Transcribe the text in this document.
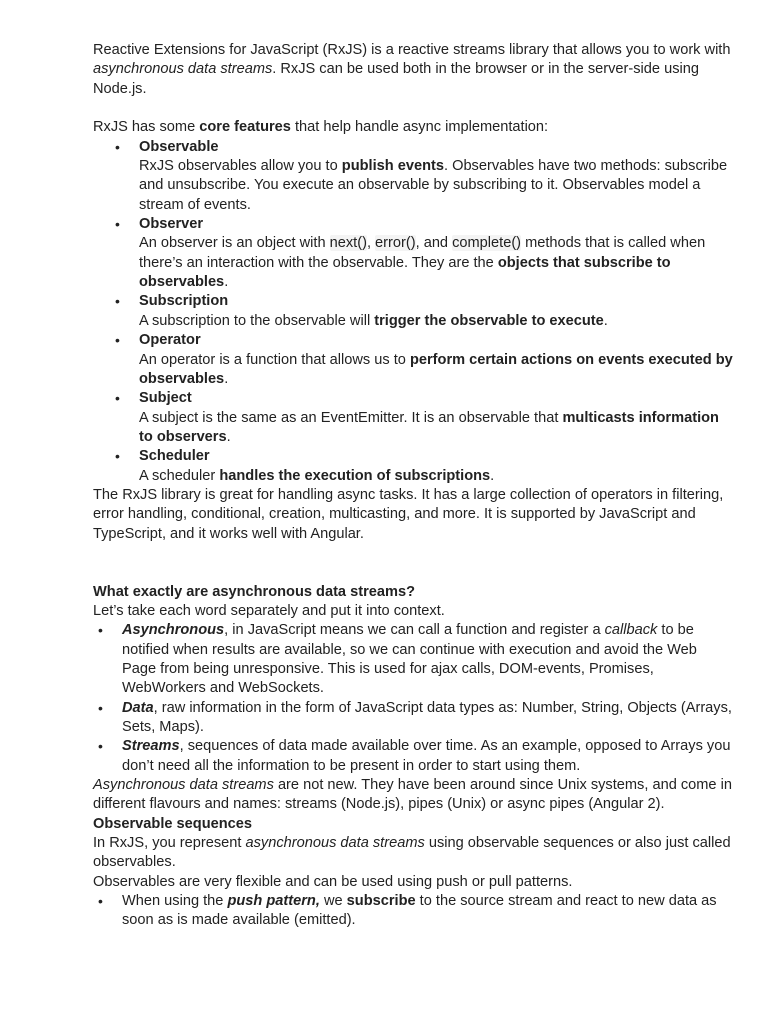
Reactive Extensions for JavaScript (RxJS) is a reactive streams library that allows you to work with asynchronous data streams. RxJS can be used both in the browser or in the server-side using Node.js.

RxJS has some core features that help handle async implementation:

• Observable
RxJS observables allow you to publish events. Observables have two methods: subscribe and unsubscribe. You execute an observable by subscribing to it. Observables model a stream of events.
• Observer
An observer is an object with next(), error(), and complete() methods that is called when there’s an interaction with the observable. They are the objects that subscribe to observables.
• Subscription
A subscription to the observable will trigger the observable to execute.
• Operator
An operator is a function that allows us to perform certain actions on events executed by observables.
• Subject
A subject is the same as an EventEmitter. It is an observable that multicasts information to observers.
• Scheduler
A scheduler handles the execution of subscriptions.

The RxJS library is great for handling async tasks. It has a large collection of operators in filtering, error handling, conditional, creation, multicasting, and more. It is supported by JavaScript and TypeScript, and it works well with Angular.

What exactly are asynchronous data streams?

Let’s take each word separately and put it into context.

• Asynchronous, in JavaScript means we can call a function and register a callback to be notified when results are available, so we can continue with execution and avoid the Web Page from being unresponsive. This is used for ajax calls, DOM-events, Promises, WebWorkers and WebSockets.
• Data, raw information in the form of JavaScript data types as: Number, String, Objects (Arrays, Sets, Maps).
• Streams, sequences of data made available over time. As an example, opposed to Arrays you don’t need all the information to be present in order to start using them.

Asynchronous data streams are not new. They have been around since Unix systems, and come in different flavours and names: streams (Node.js), pipes (Unix) or async pipes (Angular 2).

Observable sequences

In RxJS, you represent asynchronous data streams using observable sequences or also just called observables.

Observables are very flexible and can be used using push or pull patterns.

• When using the push pattern, we subscribe to the source stream and react to new data as soon as is made available (emitted).
